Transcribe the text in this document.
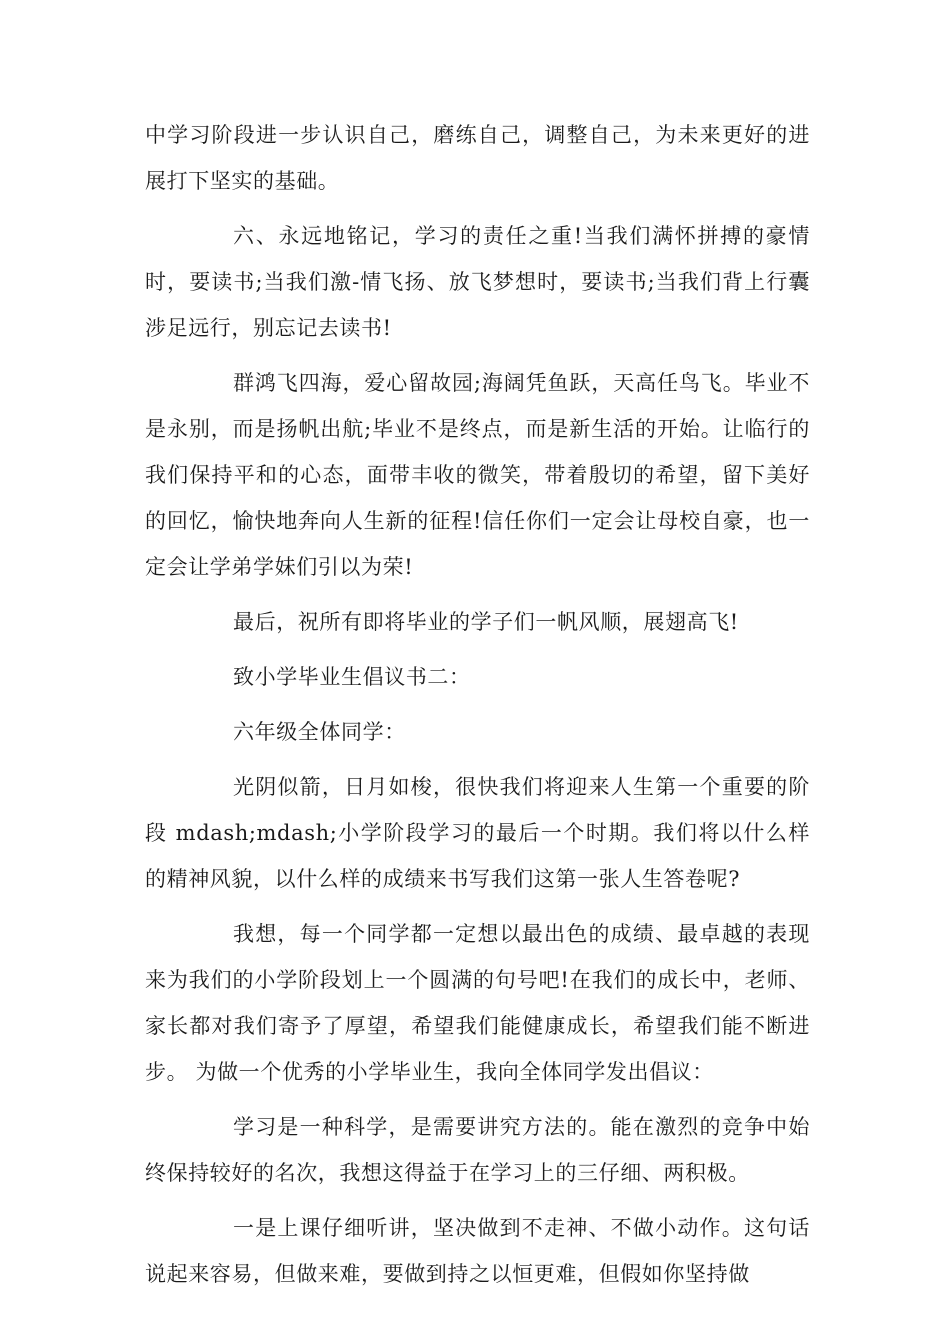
中学习阶段进一步认识自己，磨练自己，调整自己，为未来更好的进展打下坚实的基础。

六、永远地铭记，学习的责任之重!当我们满怀拼搏的豪情时，要读书;当我们激-情飞扬、放飞梦想时，要读书;当我们背上行囊涉足远行，别忘记去读书!

群鸿飞四海，爱心留故园;海阔凭鱼跃，天高任鸟飞。毕业不是永别，而是扬帆出航;毕业不是终点，而是新生活的开始。让临行的我们保持平和的心态，面带丰收的微笑，带着殷切的希望，留下美好的回忆，愉快地奔向人生新的征程!信任你们一定会让母校自豪，也一定会让学弟学妹们引以为荣!

最后，祝所有即将毕业的学子们一帆风顺，展翅高飞!

致小学毕业生倡议书二：

六年级全体同学：

光阴似箭，日月如梭，很快我们将迎来人生第一个重要的阶段 mdash;mdash;小学阶段学习的最后一个时期。我们将以什么样的精神风貌，以什么样的成绩来书写我们这第一张人生答卷呢?

我想，每一个同学都一定想以最出色的成绩、最卓越的表现来为我们的小学阶段划上一个圆满的句号吧!在我们的成长中，老师、家长都对我们寄予了厚望，希望我们能健康成长，希望我们能不断进步。 为做一个优秀的小学毕业生，我向全体同学发出倡议：

学习是一种科学，是需要讲究方法的。能在激烈的竞争中始终保持较好的名次，我想这得益于在学习上的三仔细、两积极。

一是上课仔细听讲，坚决做到不走神、不做小动作。这句话说起来容易，但做来难，要做到持之以恒更难，但假如你坚持做
